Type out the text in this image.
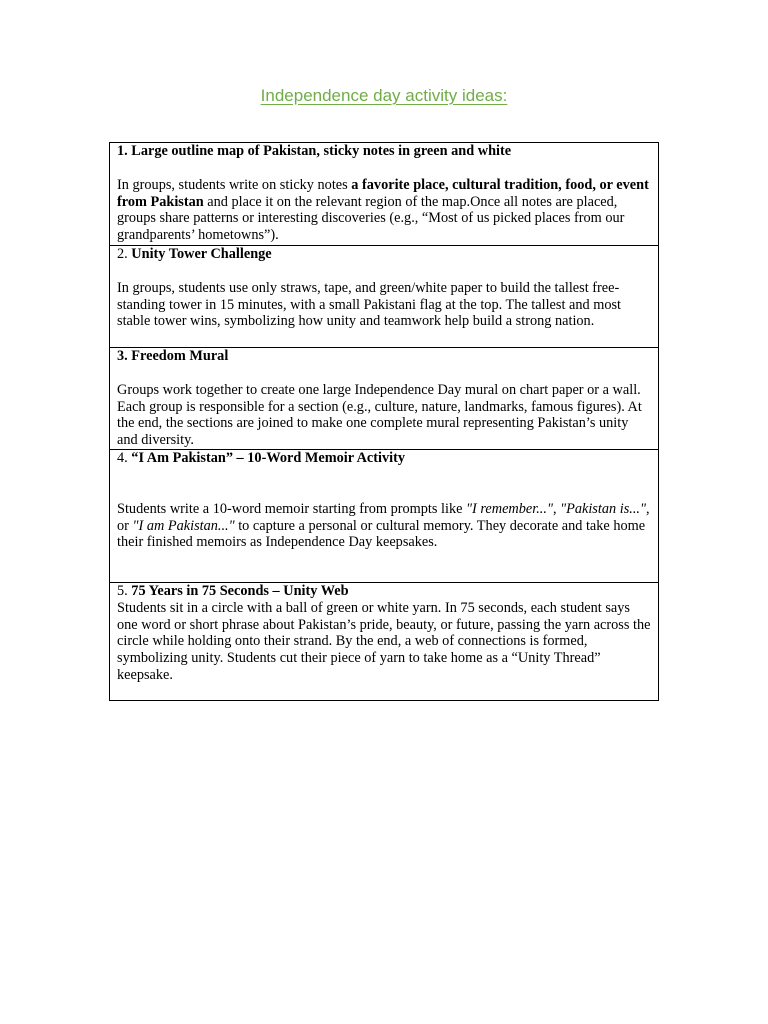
Independence day activity ideas:

1. Large outline map of Pakistan, sticky notes in green and white

In groups, students write on sticky notes a favorite place, cultural tradition, food, or event from Pakistan and place it on the relevant region of the map.Once all notes are placed, groups share patterns or interesting discoveries (e.g., “Most of us picked places from our grandparents’ hometowns”).

2. Unity Tower Challenge

In groups, students use only straws, tape, and green/white paper to build the tallest free-standing tower in 15 minutes, with a small Pakistani flag at the top. The tallest and most stable tower wins, symbolizing how unity and teamwork help build a strong nation.

3. Freedom Mural

Groups work together to create one large Independence Day mural on chart paper or a wall. Each group is responsible for a section (e.g., culture, nature, landmarks, famous figures). At the end, the sections are joined to make one complete mural representing Pakistan’s unity and diversity.

4. “I Am Pakistan” – 10-Word Memoir Activity

Students write a 10-word memoir starting from prompts like "I remember...", "Pakistan is...", or "I am Pakistan..." to capture a personal or cultural memory. They decorate and take home their finished memoirs as Independence Day keepsakes.

5. 75 Years in 75 Seconds – Unity Web

Students sit in a circle with a ball of green or white yarn. In 75 seconds, each student says one word or short phrase about Pakistan’s pride, beauty, or future, passing the yarn across the circle while holding onto their strand. By the end, a web of connections is formed, symbolizing unity. Students cut their piece of yarn to take home as a “Unity Thread” keepsake.
